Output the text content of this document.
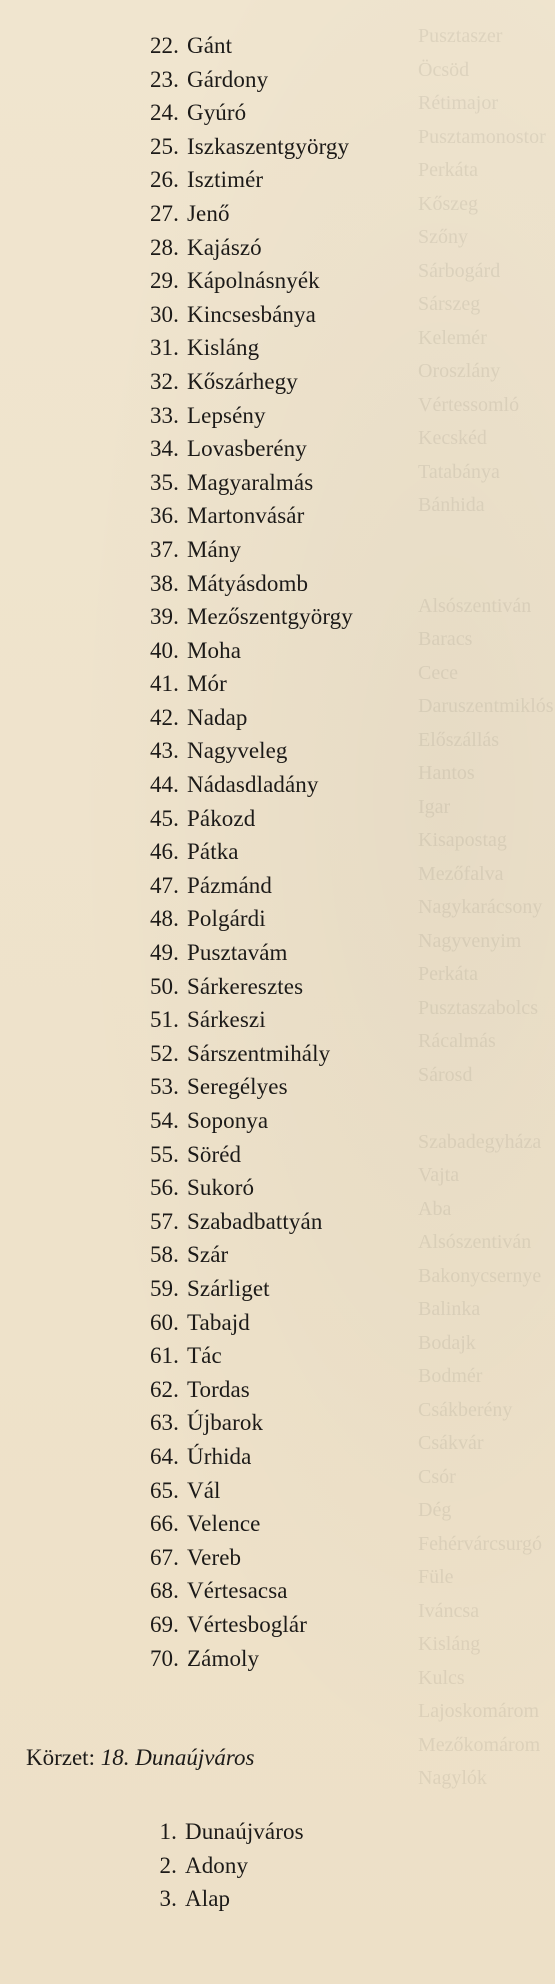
Pusztaszer
Öcsöd
Rétimajor
Pusztamonostor
Perkáta
Kőszeg
Szőny
Sárbogárd
Sárszeg
Kelemér
Oroszlány
Vértessomló
Kecskéd
Tatabánya
Bánhida

Alsószentiván
Baracs
Cece
Daruszentmiklós
Előszállás
Hantos
Igar
Kisapostag
Mezőfalva
Nagykarácsony
Nagyvenyim
Perkáta
Pusztaszabolcs
Rácalmás
Sárosd

Szabadegyháza
Vajta
Aba
Alsószentiván
Bakonycsernye
Balinka
Bodajk
Bodmér
Csákberény
Csákvár
Csór
Dég
Fehérvárcsurgó
Füle
Iváncsa
Kisláng
Kulcs
Lajoskomárom
Mezőkomárom
Nagylók
22. Gánt
23. Gárdony
24. Gyúró
25. Iszkaszentgyörgy
26. Isztimér
27. Jenő
28. Kajászó
29. Kápolnásnyék
30. Kincsesbánya
31. Kisláng
32. Kőszárhegy
33. Lepsény
34. Lovasberény
35. Magyaralmás
36. Martonvásár
37. Mány
38. Mátyásdomb
39. Mezőszentgyörgy
40. Moha
41. Mór
42. Nadap
43. Nagyveleg
44. Nádasdladány
45. Pákozd
46. Pátka
47. Pázmánd
48. Polgárdi
49. Pusztavám
50. Sárkeresztes
51. Sárkeszi
52. Sárszentmihály
53. Seregélyes
54. Soponya
55. Söréd
56. Sukoró
57. Szabadbattyán
58. Szár
59. Szárliget
60. Tabajd
61. Tác
62. Tordas
63. Újbarok
64. Úrhida
65. Vál
66. Velence
67. Vereb
68. Vértesacsa
69. Vértesboglár
70. Zámoly
Körzet: 18. Dunaújváros
1. Dunaújváros
2. Adony
3. Alap
